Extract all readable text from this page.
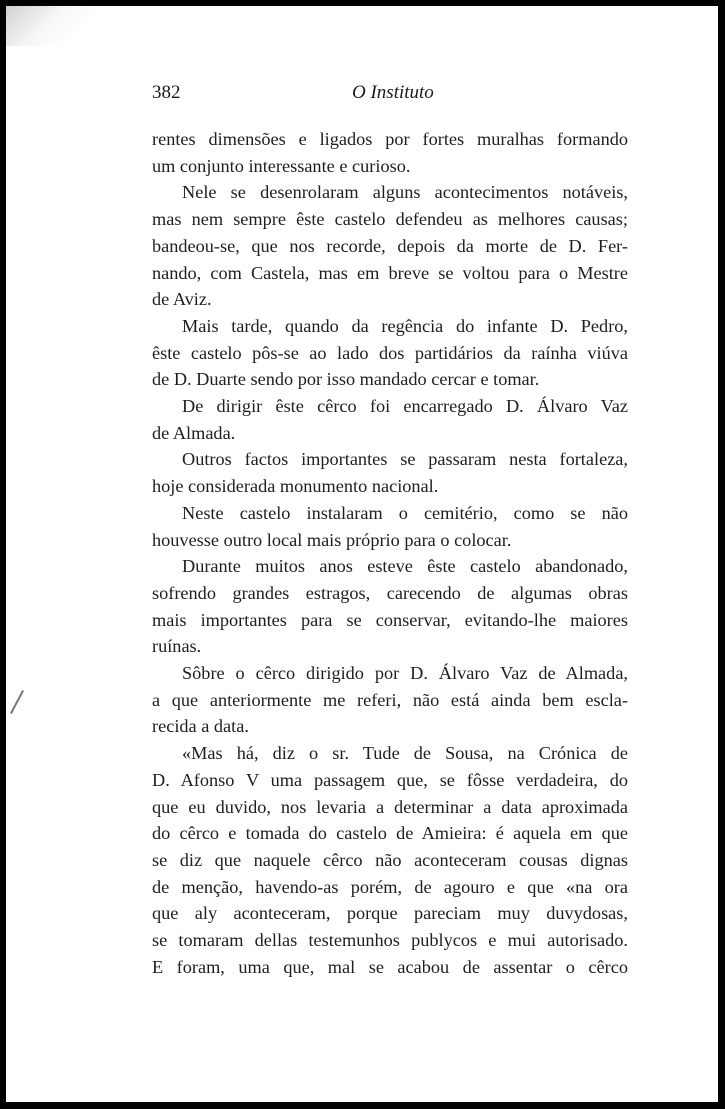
382	O Instituto
rentes dimensões e ligados por fortes muralhas formando
um conjunto interessante e curioso.
Nele se desenrolaram alguns acontecimentos notáveis,
mas nem sempre êste castelo defendeu as melhores causas;
bandeou-se, que nos recorde, depois da morte de D. Fer-
nando, com Castela, mas em breve se voltou para o Mestre
de Aviz.
Mais tarde, quando da regência do infante D. Pedro,
êste castelo pôs-se ao lado dos partidários da raínha viúva
de D. Duarte sendo por isso mandado cercar e tomar.
De dirigir êste cêrco foi encarregado D. Álvaro Vaz
de Almada.
Outros factos importantes se passaram nesta fortaleza,
hoje considerada monumento nacional.
Neste castelo instalaram o cemitério, como se não
houvesse outro local mais próprio para o colocar.
Durante muitos anos esteve êste castelo abandonado,
sofrendo grandes estragos, carecendo de algumas obras
mais importantes para se conservar, evitando-lhe maiores
ruínas.
Sôbre o cêrco dirigido por D. Álvaro Vaz de Almada,
a que anteriormente me referi, não está ainda bem escla-
recida a data.
«Mas há, diz o sr. Tude de Sousa, na Crónica de
D. Afonso V uma passagem que, se fôsse verdadeira, do
que eu duvido, nos levaria a determinar a data aproximada
do cêrco e tomada do castelo de Amieira: é aquela em que
se diz que naquele cêrco não aconteceram cousas dignas
de menção, havendo-as porém, de agouro e que «na ora
que aly aconteceram, porque pareciam muy duvydosas,
se tomaram dellas testemunhos publycos e mui autorisado.
E foram, uma que, mal se acabou de assentar o cêrco
